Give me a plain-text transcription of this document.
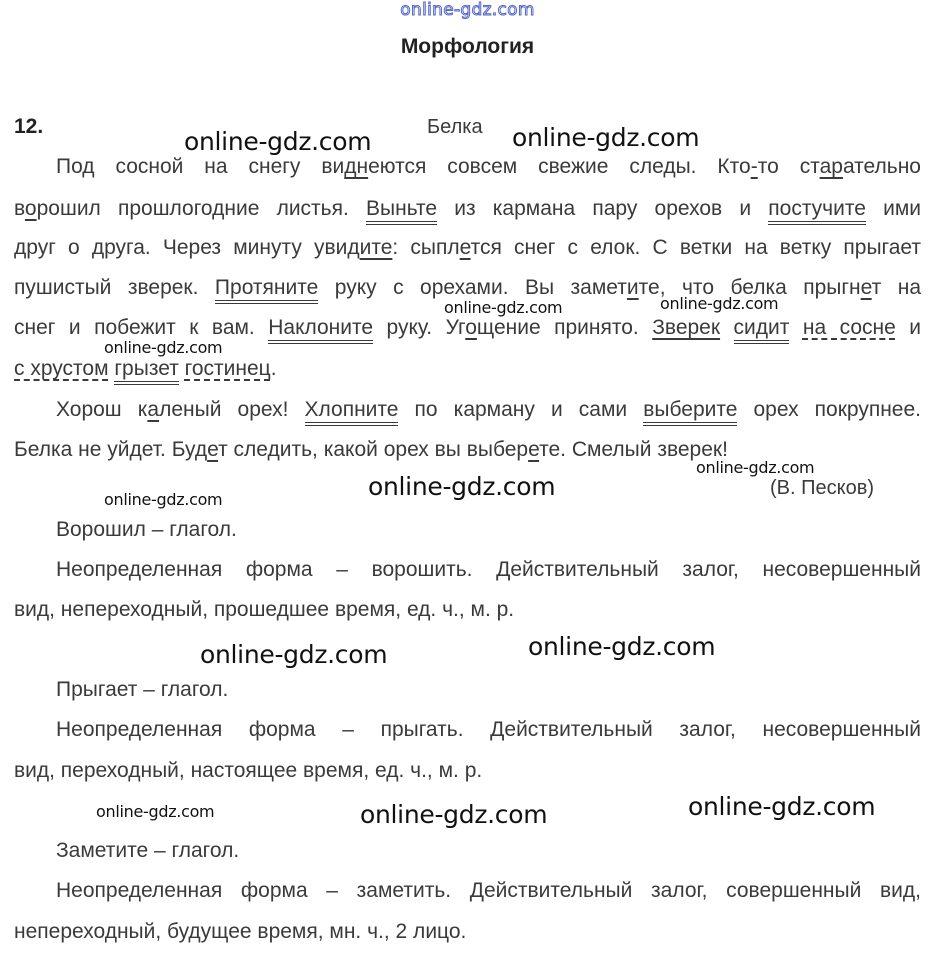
online-gdz.com
Морфология
12.	Белка
Под сосной на снегу виднеются совсем свежие следы. Кто-то старательно
ворошил прошлогодние листья. Выньте из кармана пару орехов и постучите ими
друг о друга. Через минуту увидите: сыплется снег с елок. С ветки на ветку прыгает
пушистый зверек. Протяните руку с орехами. Вы заметите, что белка прыгнет на
снег и побежит к вам. Наклоните руку. Угощение принято. Зверек сидит на сосне и
с хрустом грызет гостинец.
Хорош каленый орех! Хлопните по карману и сами выберите орех покрупнее.
Белка не уйдет. Будет следить, какой орех вы выберете. Смелый зверек!
(В. Песков)
Ворошил – глагол.
Неопределенная форма – ворошить. Действительный залог, несовершенный
вид, непереходный, прошедшее время, ед. ч., м. р.
Прыгает – глагол.
Неопределенная форма – прыгать. Действительный залог, несовершенный
вид, переходный, настоящее время, ед. ч., м. р.
Заметите – глагол.
Неопределенная форма – заметить. Действительный залог, совершенный вид,
непереходный, будущее время, мн. ч., 2 лицо.
online-gdz.com	online-gdz.com
online-gdz.com	online-gdz.com
online-gdz.com
online-gdz.com
online-gdz.com
online-gdz.com
online-gdz.com	online-gdz.com
online-gdz.com	online-gdz.com	online-gdz.com
